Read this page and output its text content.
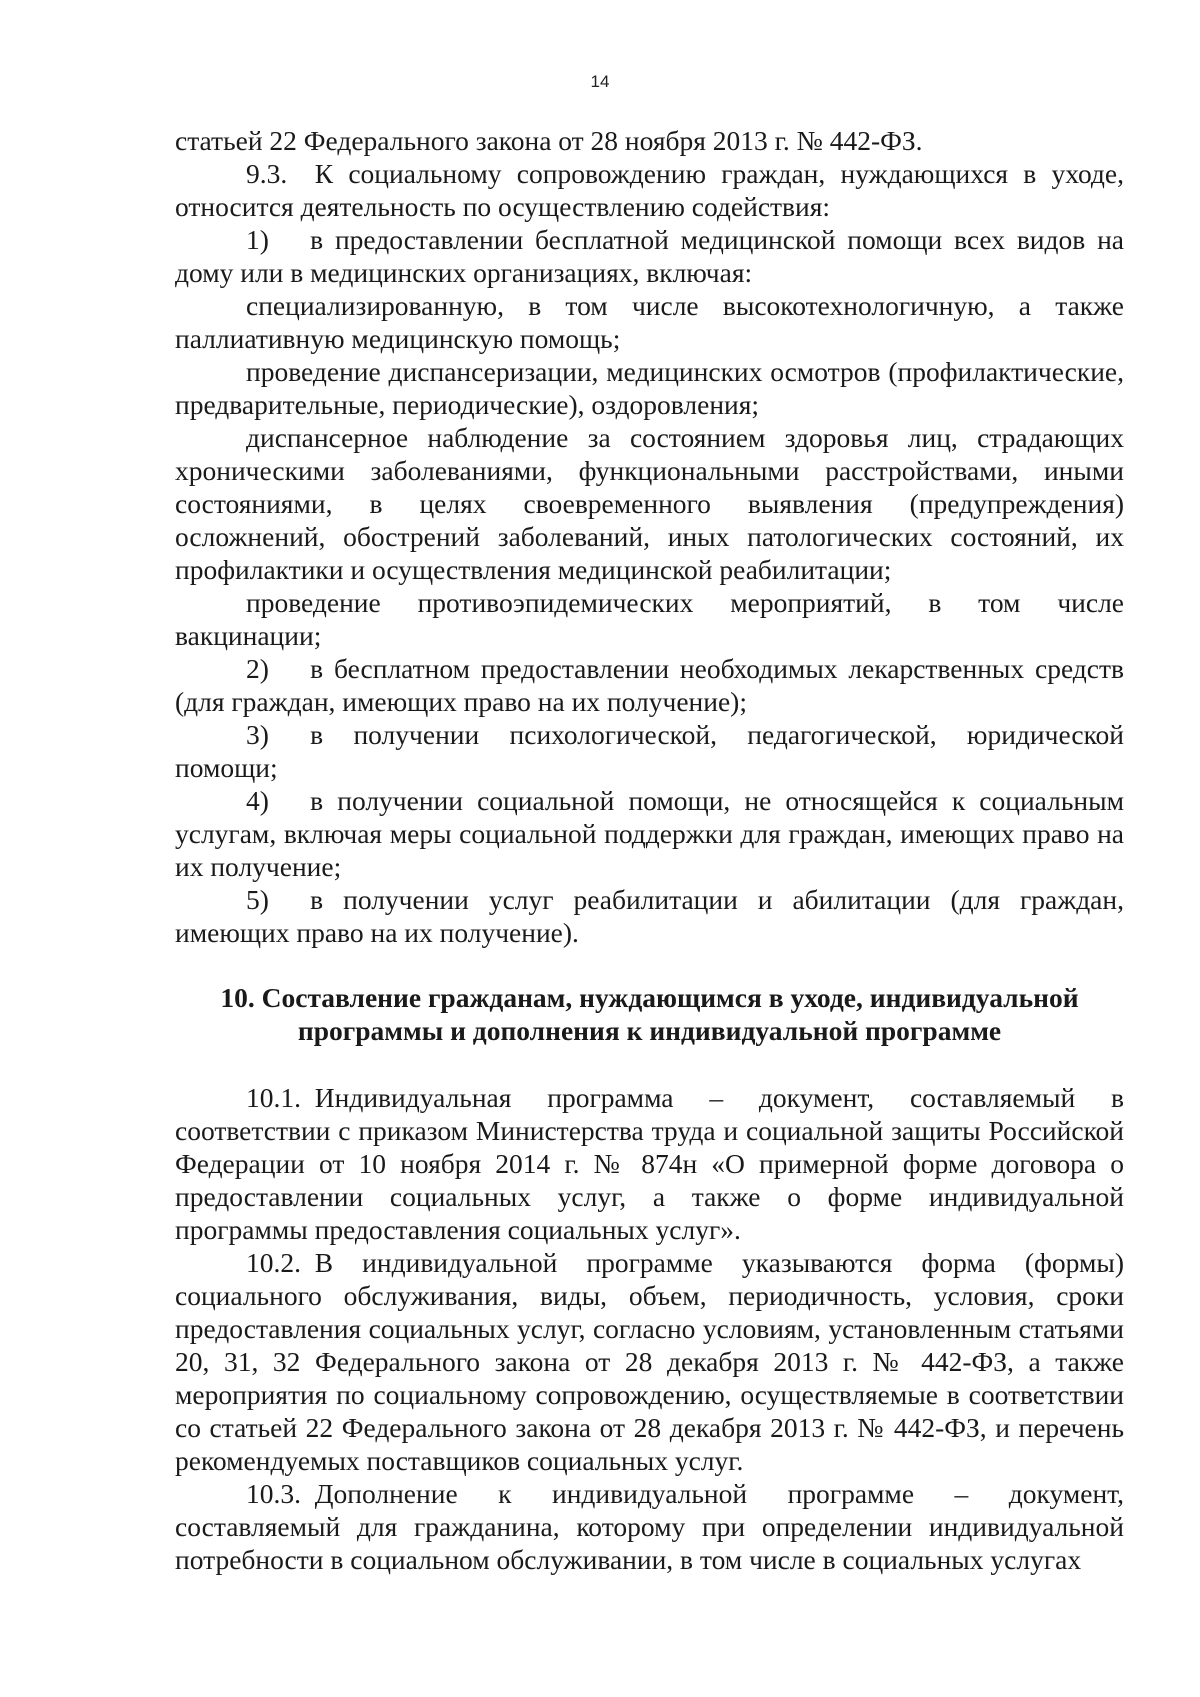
14

статьей 22 Федерального закона от 28 ноября 2013 г. № 442-ФЗ.

9.3. К социальному сопровождению граждан, нуждающихся в уходе, относится деятельность по осуществлению содействия:

1)  в предоставлении бесплатной медицинской помощи всех видов на дому или в медицинских организациях, включая:

специализированную, в том числе высокотехнологичную, а также паллиативную медицинскую помощь;

проведение диспансеризации, медицинских осмотров (профилактические, предварительные, периодические), оздоровления;

диспансерное наблюдение за состоянием здоровья лиц, страдающих хроническими заболеваниями, функциональными расстройствами, иными состояниями, в целях своевременного выявления (предупреждения) осложнений, обострений заболеваний, иных патологических состояний, их профилактики и осуществления медицинской реабилитации;

проведение противоэпидемических мероприятий, в том числе вакцинации;

2)  в бесплатном предоставлении необходимых лекарственных средств (для граждан, имеющих право на их получение);

3)  в получении психологической, педагогической, юридической помощи;

4)  в получении социальной помощи, не относящейся к социальным услугам, включая меры социальной поддержки для граждан, имеющих право на их получение;

5)  в получении услуг реабилитации и абилитации (для граждан, имеющих право на их получение).

10. Составление гражданам, нуждающимся в уходе, индивидуальной

программы и дополнения к индивидуальной программе

10.1. Индивидуальная программа – документ, составляемый в соответствии с приказом Министерства труда и социальной защиты Российской Федерации от 10 ноября 2014 г. № 874н «О примерной форме договора о предоставлении социальных услуг, а также о форме индивидуальной программы предоставления социальных услуг».

10.2. В индивидуальной программе указываются форма (формы) социального обслуживания, виды, объем, периодичность, условия, сроки предоставления социальных услуг, согласно условиям, установленным статьями 20, 31, 32 Федерального закона от 28 декабря 2013 г. № 442-ФЗ, а также мероприятия по социальному сопровождению, осуществляемые в соответствии со статьей 22 Федерального закона от 28 декабря 2013 г. № 442-ФЗ, и перечень рекомендуемых поставщиков социальных услуг.

10.3. Дополнение к индивидуальной программе – документ, составляемый для гражданина, которому при определении индивидуальной потребности в социальном обслуживании, в том числе в социальных услугах
